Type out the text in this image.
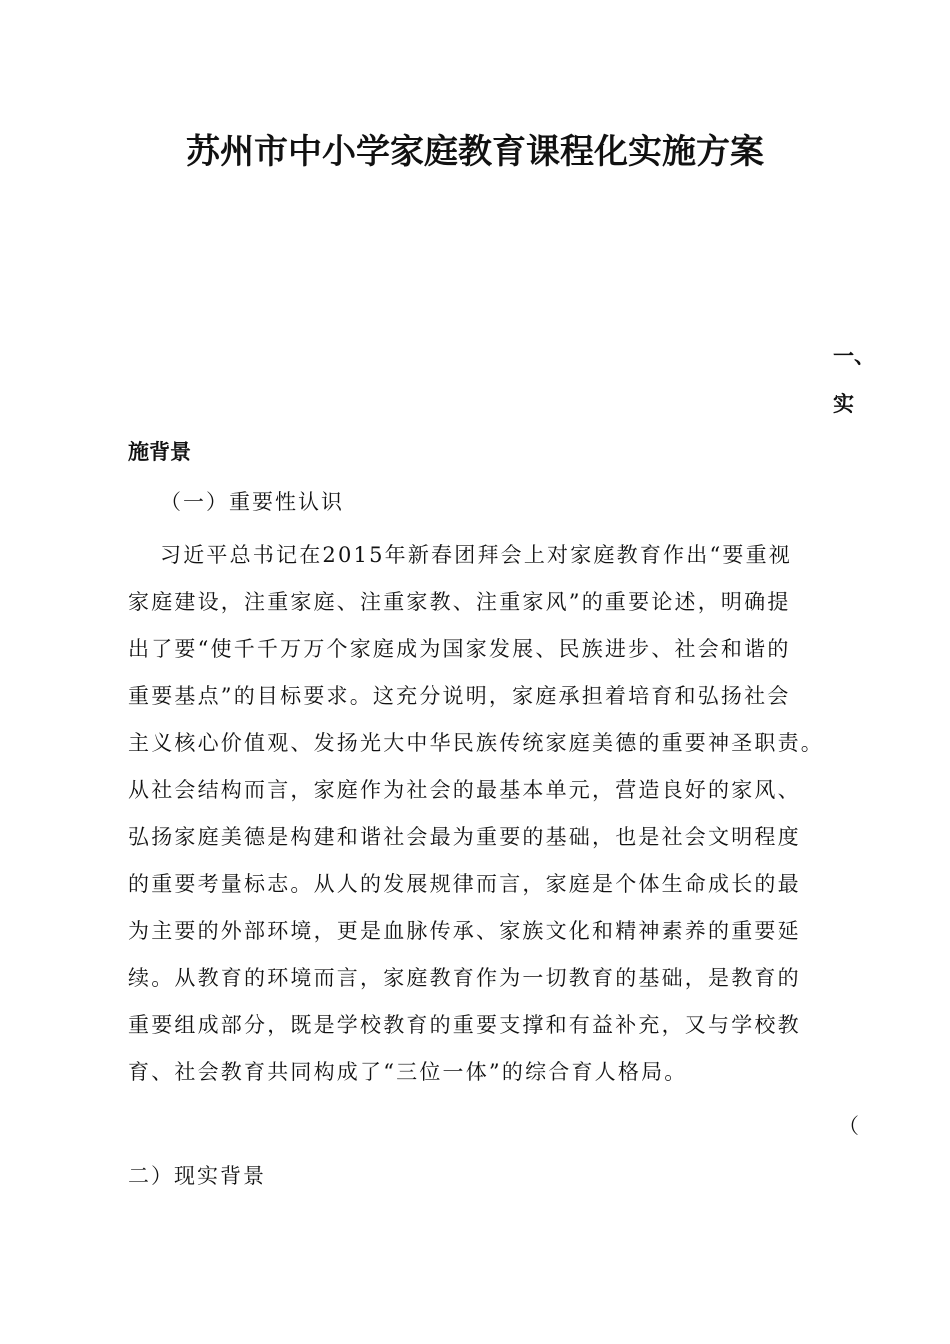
苏州市中小学家庭教育课程化实施方案
一、
实
施背景
（一）重要性认识
习近平总书记在2015年新春团拜会上对家庭教育作出“要重视
家庭建设，注重家庭、注重家教、注重家风”的重要论述，明确提
出了要“使千千万万个家庭成为国家发展、民族进步、社会和谐的
重要基点”的目标要求。这充分说明，家庭承担着培育和弘扬社会
主义核心价值观、发扬光大中华民族传统家庭美德的重要神圣职责。
从社会结构而言，家庭作为社会的最基本单元，营造良好的家风、
弘扬家庭美德是构建和谐社会最为重要的基础，也是社会文明程度
的重要考量标志。从人的发展规律而言，家庭是个体生命成长的最
为主要的外部环境，更是血脉传承、家族文化和精神素养的重要延
续。从教育的环境而言，家庭教育作为一切教育的基础，是教育的
重要组成部分，既是学校教育的重要支撑和有益补充，又与学校教
育、社会教育共同构成了“三位一体”的综合育人格局。
（
二）现实背景
